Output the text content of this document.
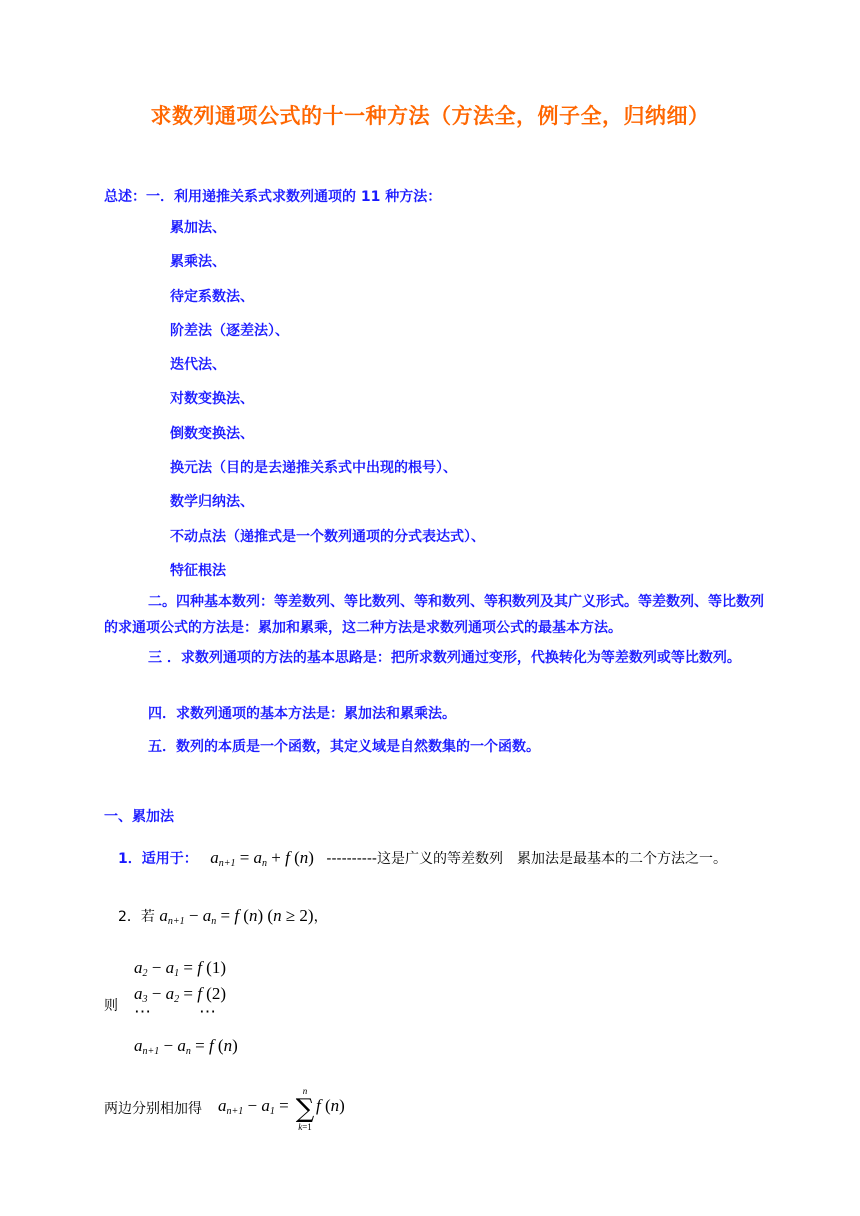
求数列通项公式的十一种方法（方法全，例子全，归纳细）
总述：一．利用递推关系式求数列通项的 11 种方法：
累加法、
累乘法、
待定系数法、
阶差法（逐差法）、
迭代法、
对数变换法、
倒数变换法、
换元法（目的是去递推关系式中出现的根号）、
数学归纳法、
不动点法（递推式是一个数列通项的分式表达式）、
特征根法
二。四种基本数列：等差数列、等比数列、等和数列、等积数列及其广义形式。等差数列、等比数列的求通项公式的方法是：累加和累乘，这二种方法是求数列通项公式的最基本方法。
三 ．求数列通项的方法的基本思路是：把所求数列通过变形，代换转化为等差数列或等比数列。
四．求数列通项的基本方法是：累加法和累乘法。
五．数列的本质是一个函数，其定义域是自然数集的一个函数。
一、累加法
1．适用于： $a_{n+1} = a_n + f$ (n) ----------这是广义的等差数列　累加法是最基本的二个方法之一。
2．若 $a_{n+1} - a_n = f$ (n) (n ≥ 2)，
则
$a_2 - a_1 = f$ (1)
$a_3 - a_2 = f$ (2)
⋯	⋯
$a_{n+1} - a_n = f$ (n)
两边分别相加得 $a_{n+1} - a_1$ =
n
∑
k=1
f (n)
